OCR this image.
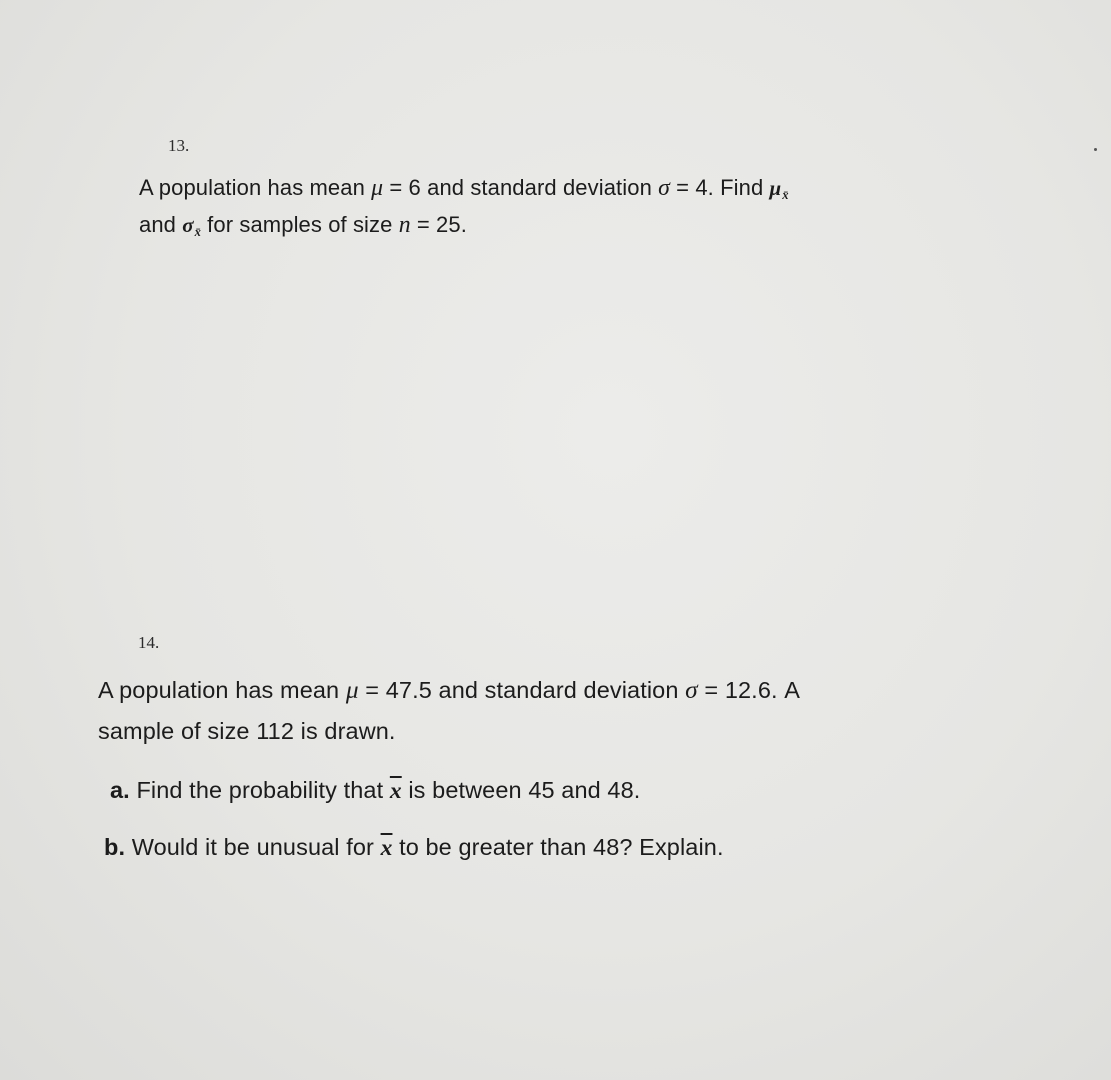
13.
A population has mean μ = 6 and standard deviation σ = 4. Find $\mu_{x̄}$
and $\sigma_{x̄}$ for samples of size n = 25.
14.
A population has mean μ = 47.5 and standard deviation σ = 12.6. A
sample of size 112 is drawn.
a. Find the probability that $\overline{x}$ is between 45 and 48.
b. Would it be unusual for $\overline{x}$ to be greater than 48? Explain.
